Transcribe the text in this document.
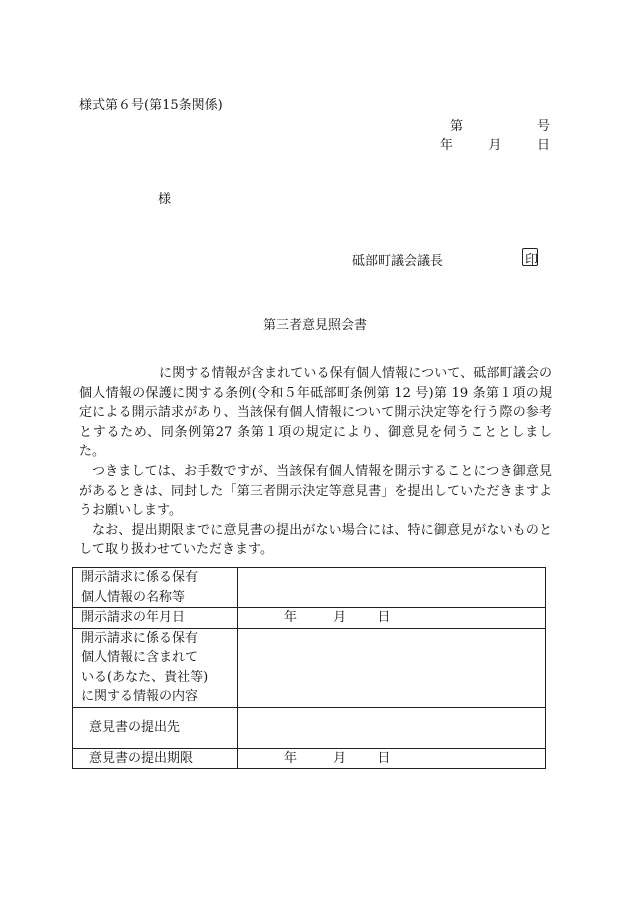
様式第６号(第15条関係)
第	号
年	月	日
様
砥部町議会議長	印
第三者意見照会書

に関する情報が含まれている保有個人情報について、砥部町議会の個人情報の保護に関する条例(令和５年砥部町条例第 12 号)第 19 条第１項の規定による開示請求があり、当該保有個人情報について開示決定等を行う際の参考とするため、同条例第27 条第１項の規定により、御意見を伺うこととしました。

つきましては、お手数ですが、当該保有個人情報を開示することにつき御意見があるときは、同封した「第三者開示決定等意見書」を提出していただきますようお願いします。

なお、提出期限までに意見書の提出がない場合には、特に御意見がないものとして取り扱わせていただきます。

開示請求に係る保有
個人情報の名称等	

開示請求の年月日	年 月 日

開示請求に係る保有
個人情報に含まれて
いる(あなた、貴社等)
に関する情報の内容	

意見書の提出先	
意見書の提出期限	年 月 日
